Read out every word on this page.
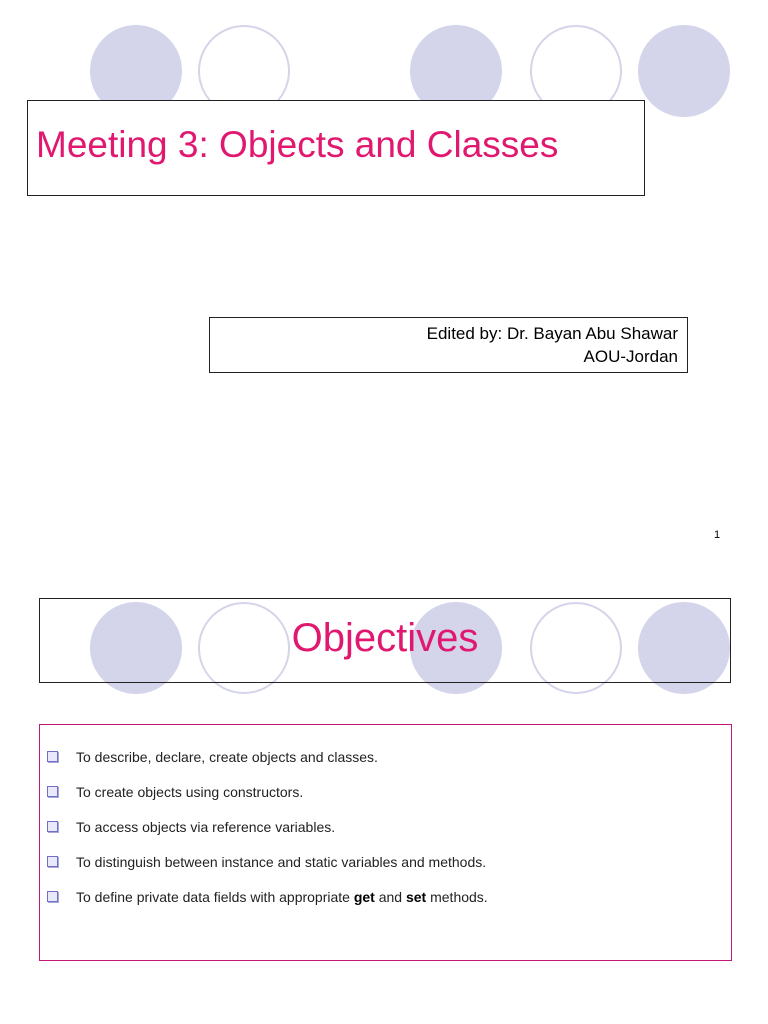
Meeting 3: Objects and Classes
Edited by: Dr. Bayan Abu Shawar
AOU-Jordan
1
Objectives
To describe, declare, create objects and classes.
To create objects using constructors.
To access objects via reference variables.
To distinguish between instance and static variables and methods.
To define private data fields with appropriate get and set methods.
